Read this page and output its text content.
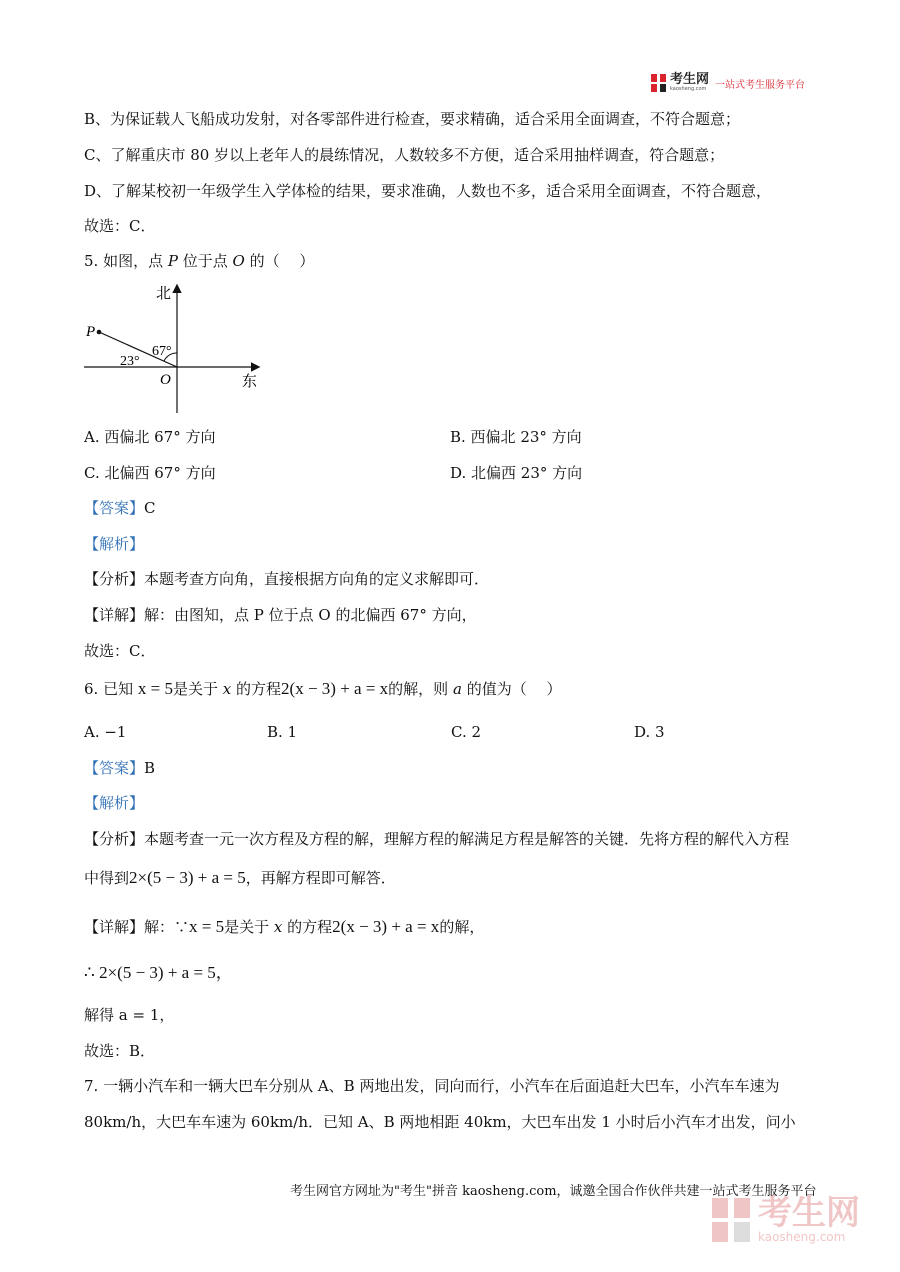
考生网
kaosheng.com 一站式考生服务平台
B、为保证载人飞船成功发射，对各零部件进行检查，要求精确，适合采用全面调查，不符合题意；
C、了解重庆市 80 岁以上老年人的晨练情况，人数较多不方便，适合采用抽样调查，符合题意；
D、了解某校初一年级学生入学体检的结果，要求准确，人数也不多，适合采用全面调查，不符合题意，
故选：C．
5. 如图，点 P 位于点 O 的（　 ）
北
东
P
O
67°
23°
A. 西偏北 67° 方向	B. 西偏北 23° 方向
C. 北偏西 67° 方向	D. 北偏西 23° 方向
【答案】C
【解析】
【分析】本题考查方向角，直接根据方向角的定义求解即可．
【详解】解：由图知，点 P 位于点 O 的北偏西 67° 方向，
故选：C．
6. 已知 x = 5是关于 x 的方程2(x − 3) + a = x的解，则 a 的值为（　 ）
A. −1	B. 1	C. 2	D. 3
【答案】B
【解析】
【分析】本题考查一元一次方程及方程的解，理解方程的解满足方程是解答的关键．先将方程的解代入方程
中得到2×(5 − 3) + a = 5，再解方程即可解答．
【详解】解：∵x = 5是关于 x 的方程2(x − 3) + a = x的解，
∴ 2×(5 − 3) + a = 5，
解得 a = 1，
故选：B．
7. 一辆小汽车和一辆大巴车分别从 A、B 两地出发，同向而行，小汽车在后面追赶大巴车，小汽车车速为
80km/h，大巴车车速为 60km/h．已知 A、B 两地相距 40km，大巴车出发 1 小时后小汽车才出发，问小
考生网官方网址为"考生"拼音 kaosheng.com，诚邀全国合作伙伴共建一站式考生服务平台
考生网
kaosheng.com
